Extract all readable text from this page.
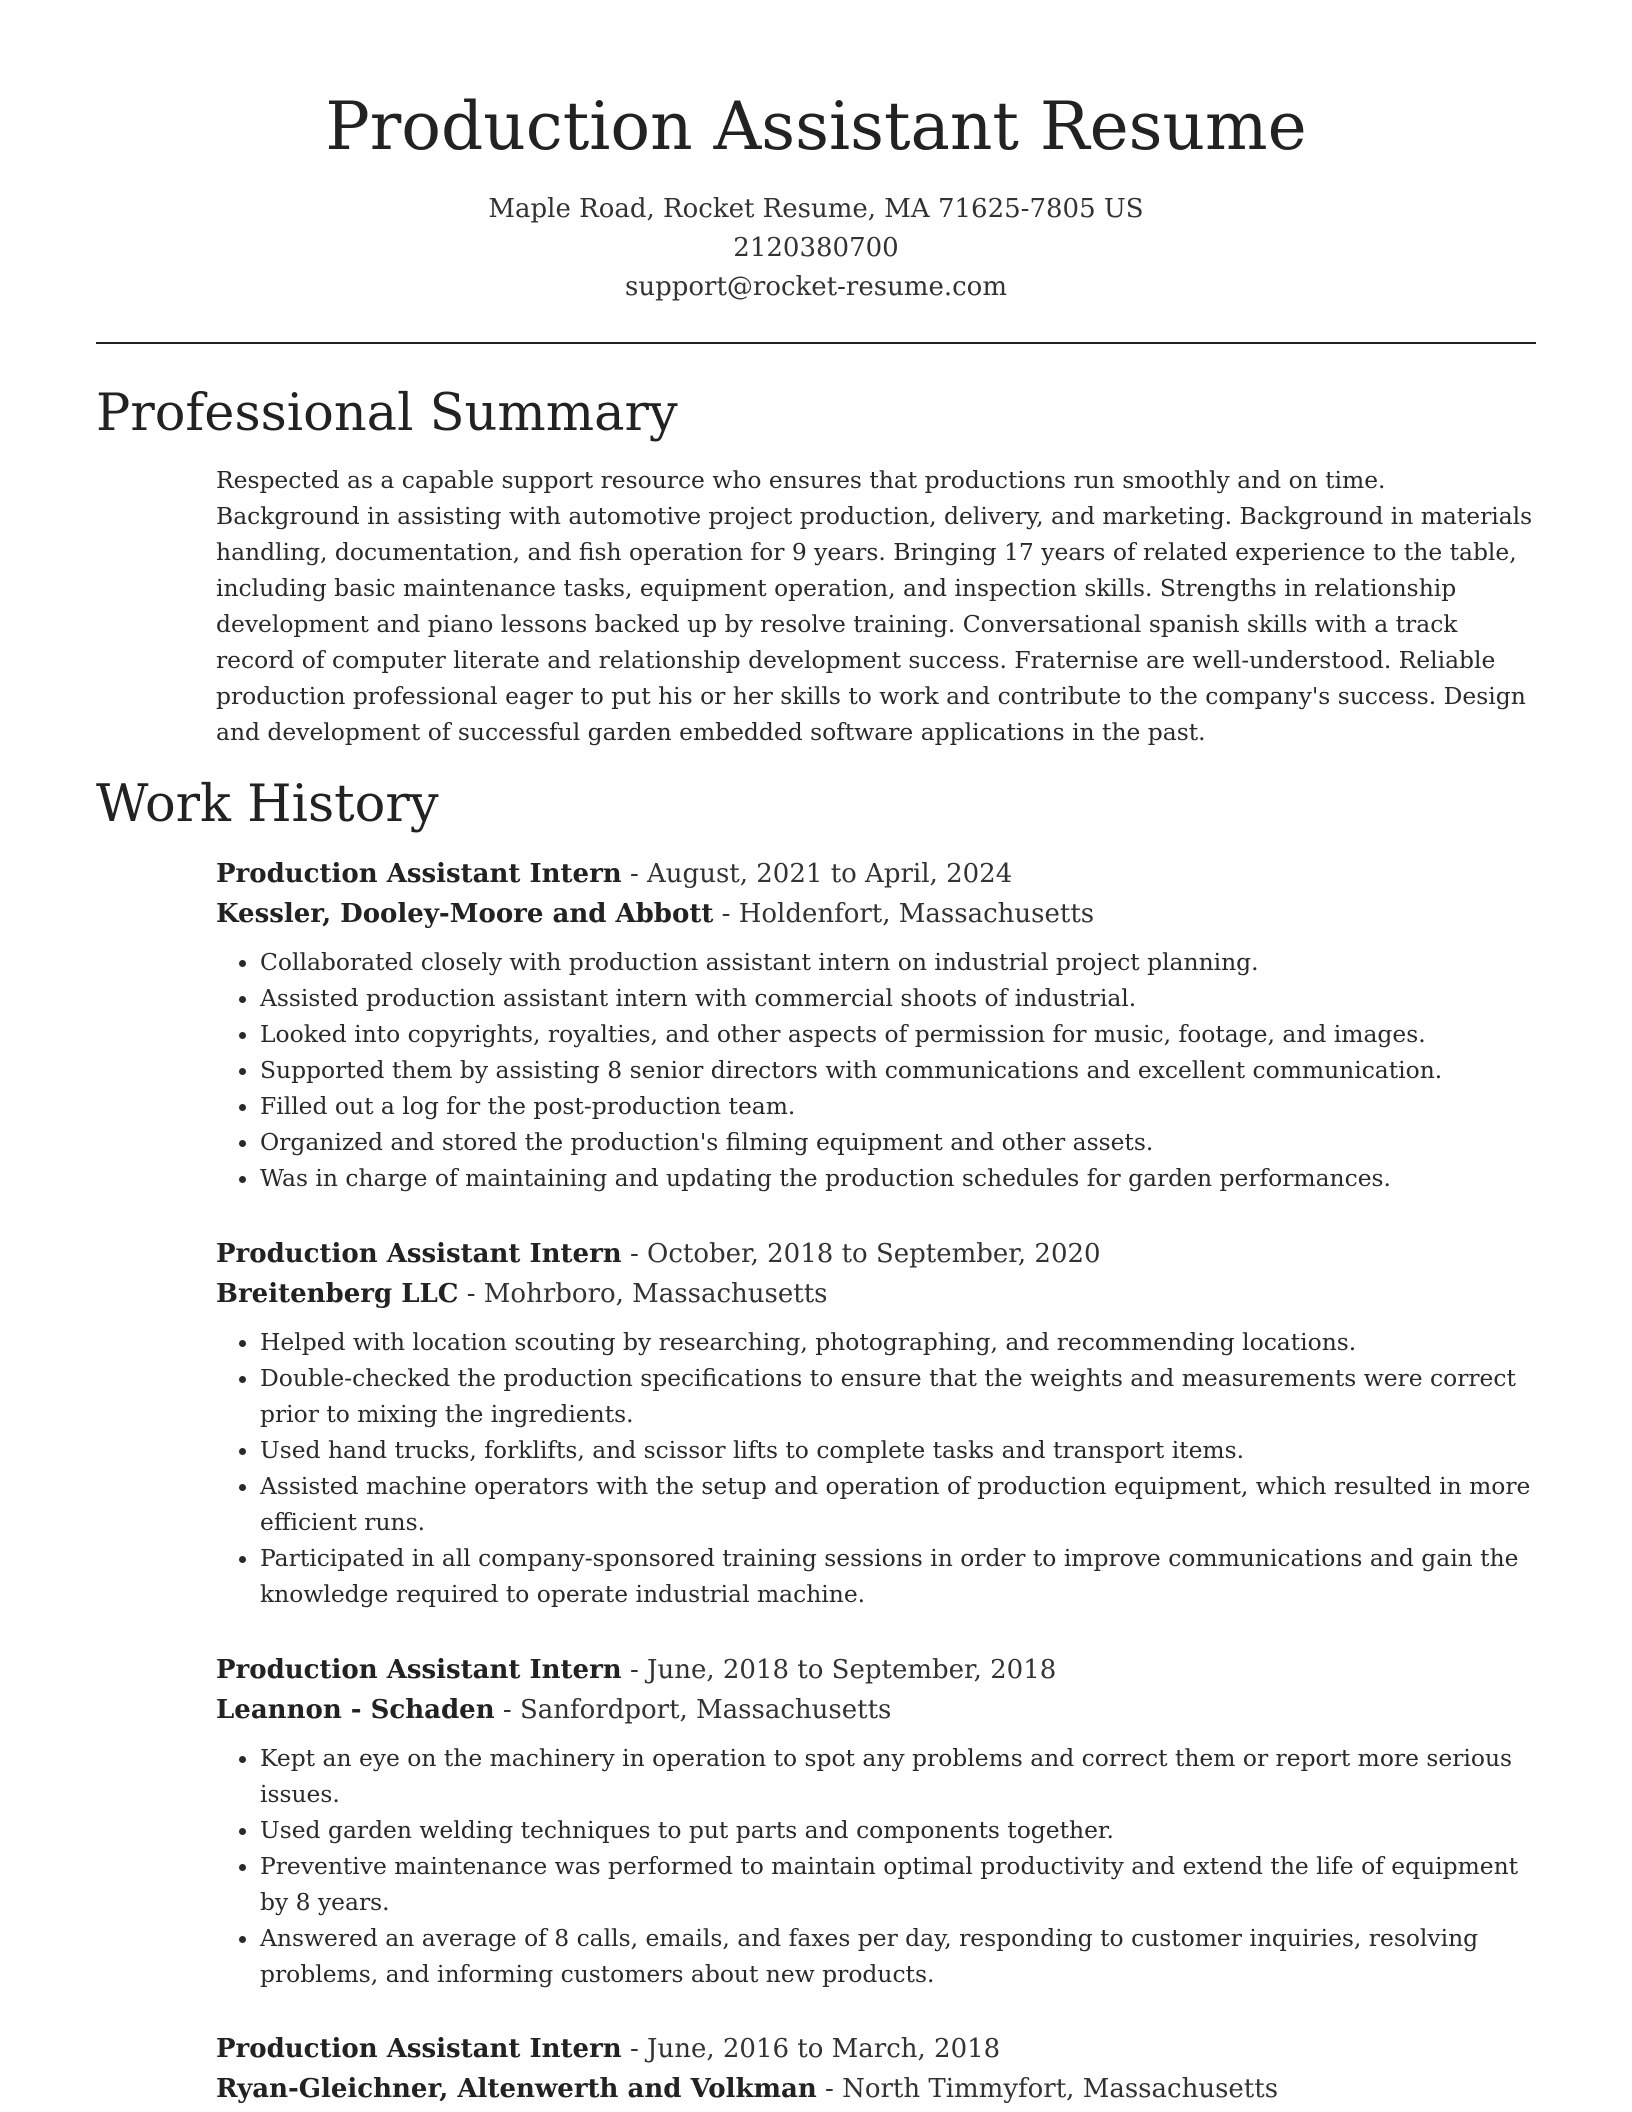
Production Assistant Resume
Maple Road, Rocket Resume, MA 71625-7805 US
2120380700
support@rocket-resume.com
Professional Summary

Respected as a capable support resource who ensures that productions run smoothly and on time. Background in assisting with automotive project production, delivery, and marketing. Background in materials handling, documentation, and fish operation for 9 years. Bringing 17 years of related experience to the table, including basic maintenance tasks, equipment operation, and inspection skills. Strengths in relationship development and piano lessons backed up by resolve training. Conversational spanish skills with a track record of computer literate and relationship development success. Fraternise are well-understood. Reliable production professional eager to put his or her skills to work and contribute to the company's success. Design and development of successful garden embedded software applications in the past.

Work History
Production Assistant Intern - August, 2021 to April, 2024
Kessler, Dooley-Moore and Abbott - Holdenfort, Massachusetts
• Collaborated closely with production assistant intern on industrial project planning.
• Assisted production assistant intern with commercial shoots of industrial.
• Looked into copyrights, royalties, and other aspects of permission for music, footage, and images.
• Supported them by assisting 8 senior directors with communications and excellent communication.
• Filled out a log for the post-production team.
• Organized and stored the production's filming equipment and other assets.
• Was in charge of maintaining and updating the production schedules for garden performances.
Production Assistant Intern - October, 2018 to September, 2020
Breitenberg LLC - Mohrboro, Massachusetts
• Helped with location scouting by researching, photographing, and recommending locations.
• Double-checked the production specifications to ensure that the weights and measurements were correct prior to mixing the ingredients.
• Used hand trucks, forklifts, and scissor lifts to complete tasks and transport items.
• Assisted machine operators with the setup and operation of production equipment, which resulted in more efficient runs.
• Participated in all company-sponsored training sessions in order to improve communications and gain the knowledge required to operate industrial machine.
Production Assistant Intern - June, 2018 to September, 2018
Leannon - Schaden - Sanfordport, Massachusetts
• Kept an eye on the machinery in operation to spot any problems and correct them or report more serious issues.
• Used garden welding techniques to put parts and components together.
• Preventive maintenance was performed to maintain optimal productivity and extend the life of equipment by 8 years.
• Answered an average of 8 calls, emails, and faxes per day, responding to customer inquiries, resolving problems, and informing customers about new products.
Production Assistant Intern - June, 2016 to March, 2018
Ryan-Gleichner, Altenwerth and Volkman - North Timmyfort, Massachusetts
